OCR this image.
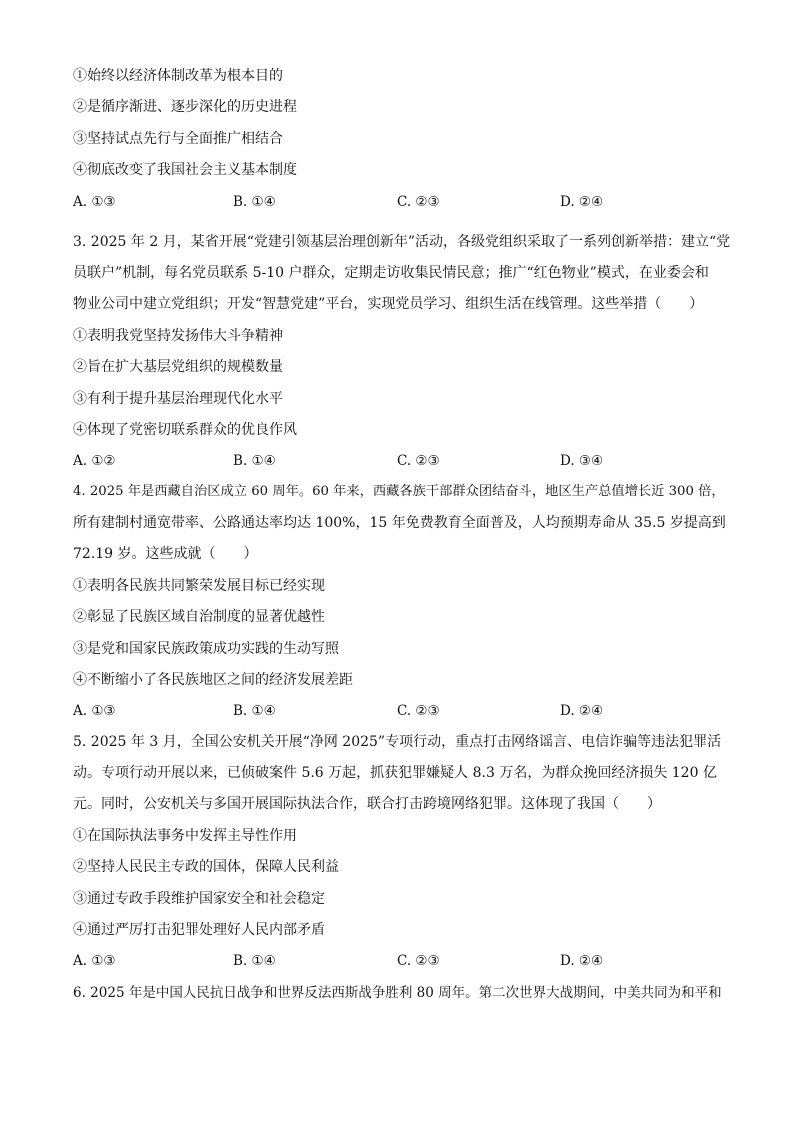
①始终以经济体制改革为根本目的
②是循序渐进、逐步深化的历史进程
③坚持试点先行与全面推广相结合
④彻底改变了我国社会主义基本制度
A. ①③	B. ①④	C. ②③	D. ②④
3. 2025 年 2 月，某省开展“党建引领基层治理创新年”活动，各级党组织采取了一系列创新举措：建立“党
员联户”机制，每名党员联系 5-10 户群众，定期走访收集民情民意；推广“红色物业”模式，在业委会和
物业公司中建立党组织；开发“智慧党建”平台，实现党员学习、组织生活在线管理。这些举措（　　）
①表明我党坚持发扬伟大斗争精神
②旨在扩大基层党组织的规模数量
③有利于提升基层治理现代化水平
④体现了党密切联系群众的优良作风
A. ①②	B. ①④	C. ②③	D. ③④
4. 2025 年是西藏自治区成立 60 周年。60 年来，西藏各族干部群众团结奋斗，地区生产总值增长近 300 倍，
所有建制村通宽带率、公路通达率均达 100%，15 年免费教育全面普及，人均预期寿命从 35.5 岁提高到
72.19 岁。这些成就（　　）
①表明各民族共同繁荣发展目标已经实现
②彰显了民族区域自治制度的显著优越性
③是党和国家民族政策成功实践的生动写照
④不断缩小了各民族地区之间的经济发展差距
A. ①③	B. ①④	C. ②③	D. ②④
5. 2025 年 3 月，全国公安机关开展“净网 2025”专项行动，重点打击网络谣言、电信诈骗等违法犯罪活
动。专项行动开展以来，已侦破案件 5.6 万起，抓获犯罪嫌疑人 8.3 万名，为群众挽回经济损失 120 亿
元。同时，公安机关与多国开展国际执法合作，联合打击跨境网络犯罪。这体现了我国（　　）
①在国际执法事务中发挥主导性作用
②坚持人民民主专政的国体，保障人民利益
③通过专政手段维护国家安全和社会稳定
④通过严厉打击犯罪处理好人民内部矛盾
A. ①③	B. ①④	C. ②③	D. ②④
6. 2025 年是中国人民抗日战争和世界反法西斯战争胜利 80 周年。第二次世界大战期间，中美共同为和平和
